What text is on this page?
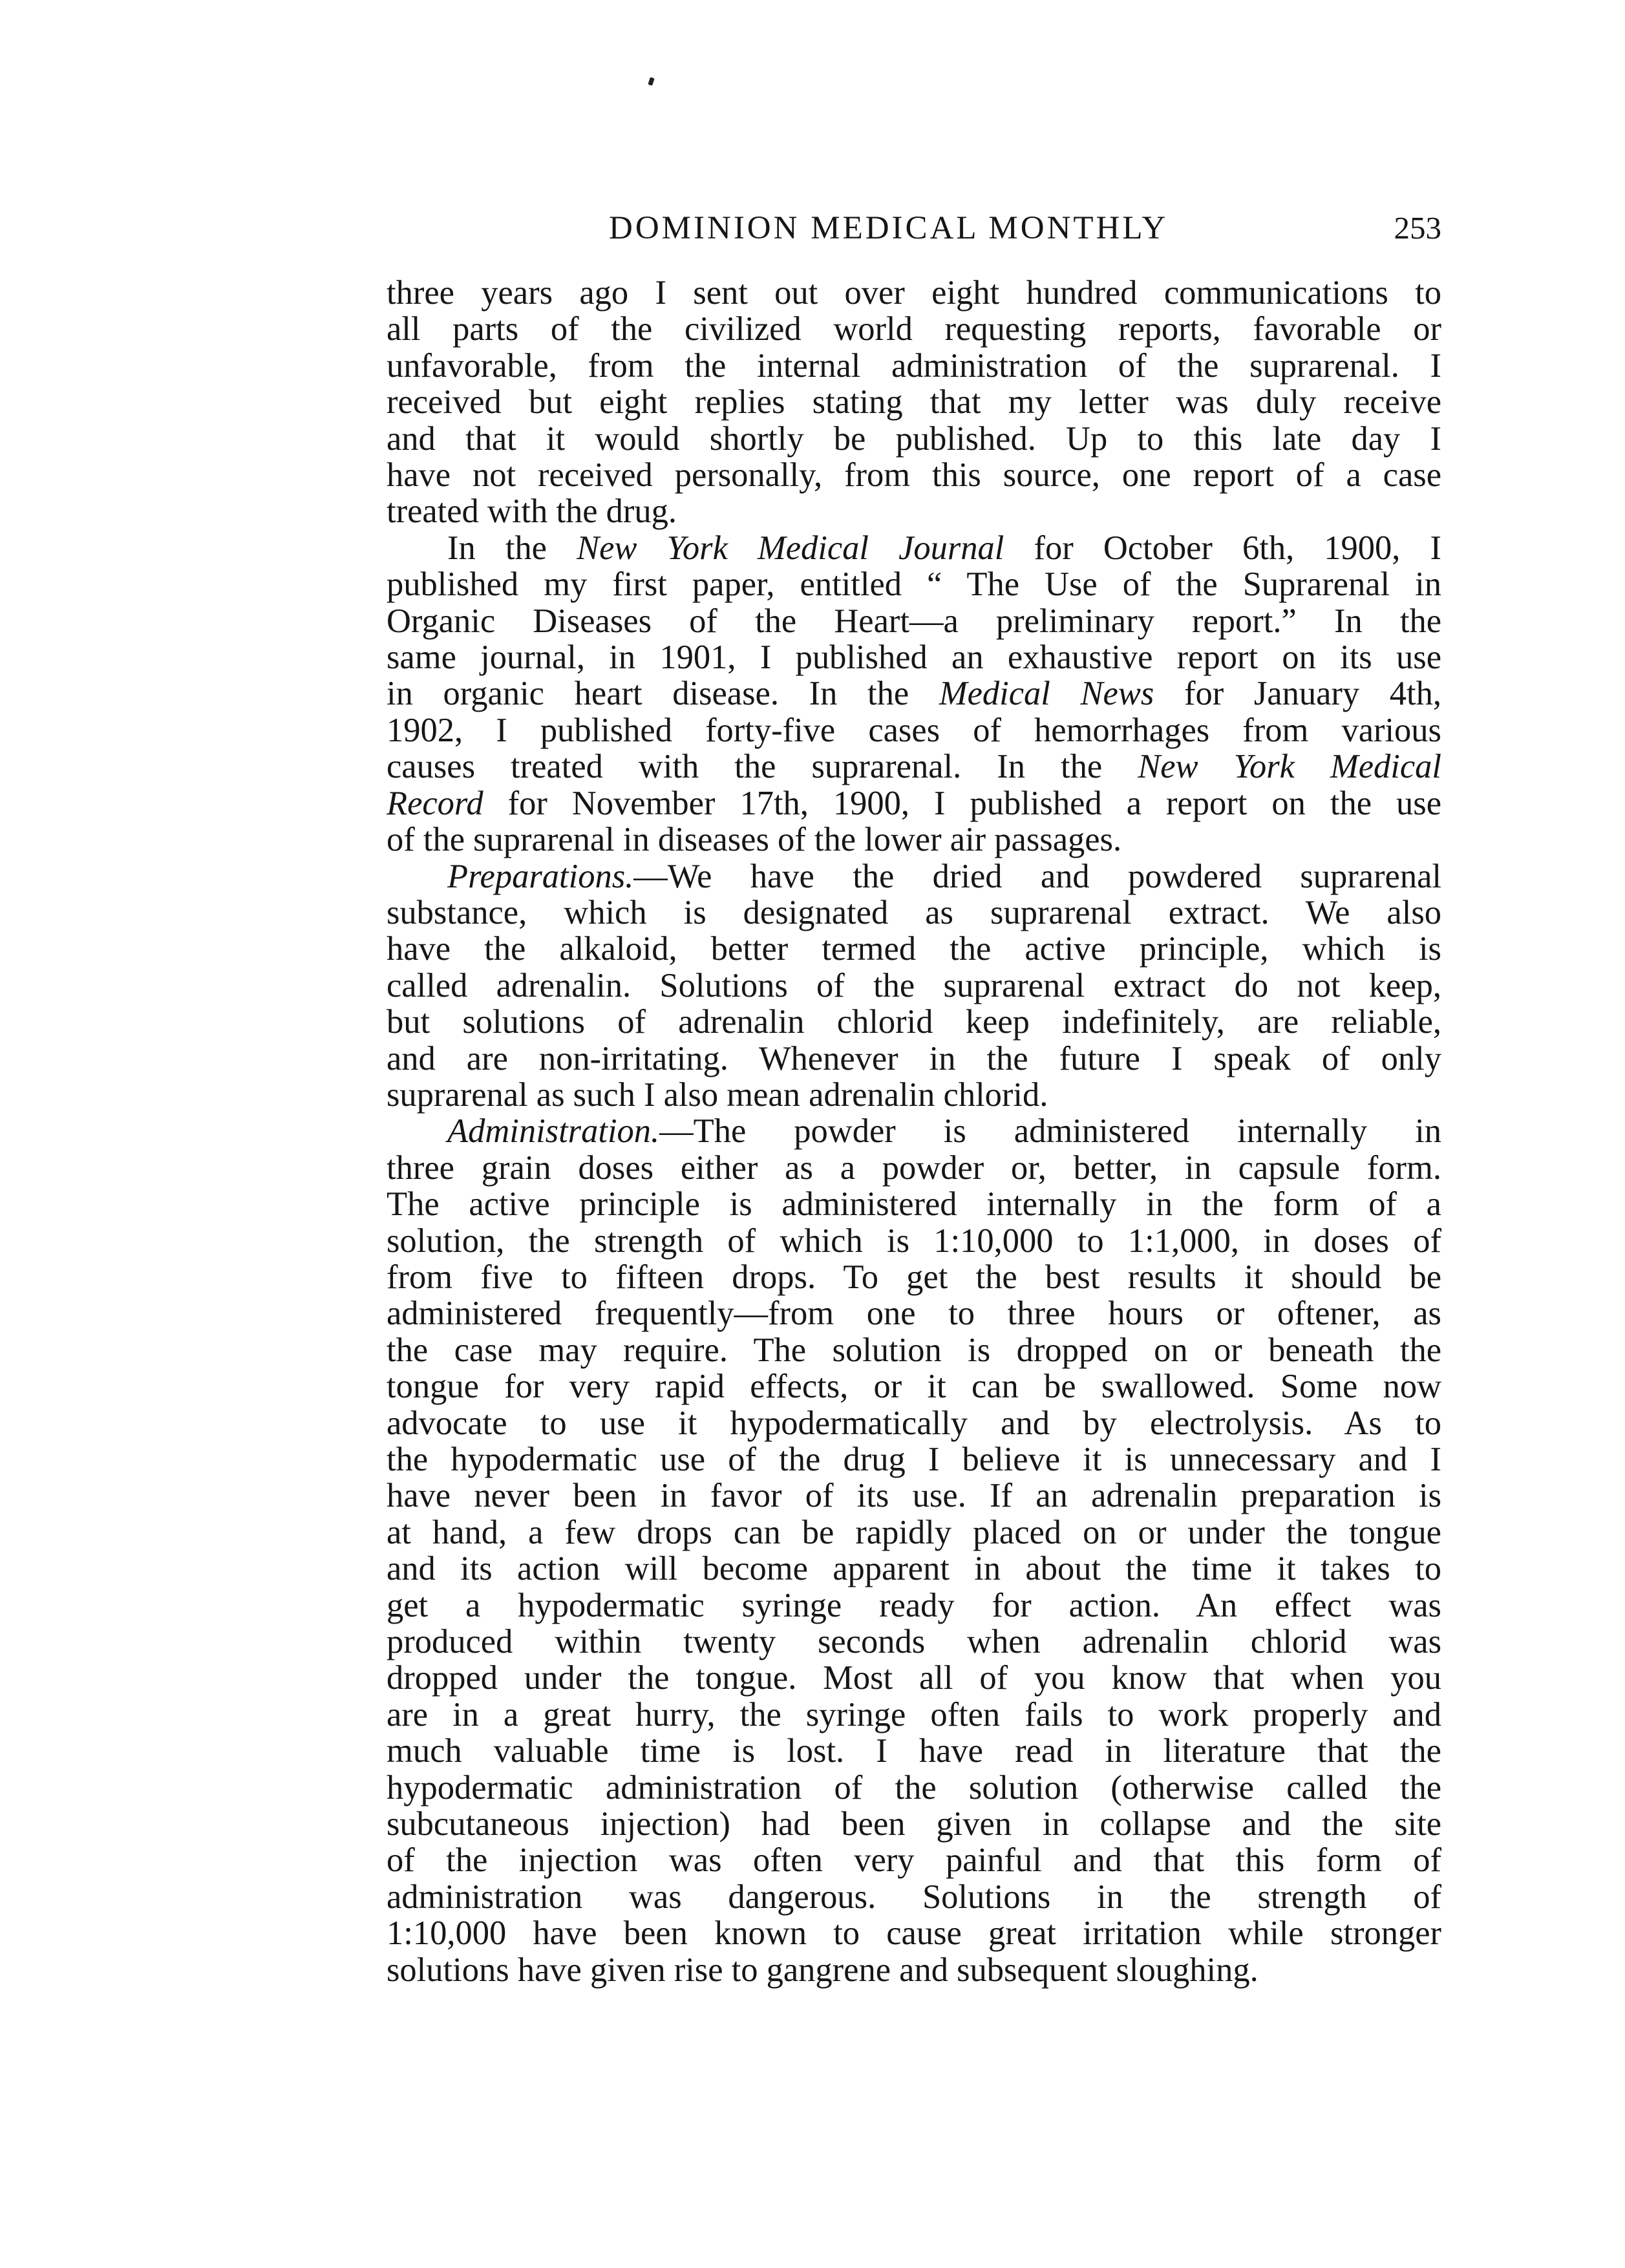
DOMINION MEDICAL MONTHLY	253
three years ago I sent out over eight hundred communications to
all parts of the civilized world requesting reports, favorable or
unfavorable, from the internal administration of the suprarenal. I
received but eight replies stating that my letter was duly receive
and that it would shortly be published. Up to this late day I
have not received personally, from this source, one report of a case
treated with the drug.
In the New York Medical Journal for October 6th, 1900, I
published my first paper, entitled “ The Use of the Suprarenal in
Organic Diseases of the Heart—a preliminary report.” In the
same journal, in 1901, I published an exhaustive report on its use
in organic heart disease. In the Medical News for January 4th,
1902, I published forty-five cases of hemorrhages from various
causes treated with the suprarenal. In the New York Medical
Record for November 17th, 1900, I published a report on the use
of the suprarenal in diseases of the lower air passages.
Preparations.—We have the dried and powdered suprarenal
substance, which is designated as suprarenal extract. We also
have the alkaloid, better termed the active principle, which is
called adrenalin. Solutions of the suprarenal extract do not keep,
but solutions of adrenalin chlorid keep indefinitely, are reliable,
and are non-irritating. Whenever in the future I speak of only
suprarenal as such I also mean adrenalin chlorid.
Administration.—The powder is administered internally in
three grain doses either as a powder or, better, in capsule form.
The active principle is administered internally in the form of a
solution, the strength of which is 1:10,000 to 1:1,000, in doses of
from five to fifteen drops. To get the best results it should be
administered frequently—from one to three hours or oftener, as
the case may require. The solution is dropped on or beneath the
tongue for very rapid effects, or it can be swallowed. Some now
advocate to use it hypodermatically and by electrolysis. As to
the hypodermatic use of the drug I believe it is unnecessary and I
have never been in favor of its use. If an adrenalin preparation is
at hand, a few drops can be rapidly placed on or under the tongue
and its action will become apparent in about the time it takes to
get a hypodermatic syringe ready for action. An effect was
produced within twenty seconds when adrenalin chlorid was
dropped under the tongue. Most all of you know that when you
are in a great hurry, the syringe often fails to work properly and
much valuable time is lost. I have read in literature that the
hypodermatic administration of the solution (otherwise called the
subcutaneous injection) had been given in collapse and the site
of the injection was often very painful and that this form of
administration was dangerous. Solutions in the strength of
1:10,000 have been known to cause great irritation while stronger
solutions have given rise to gangrene and subsequent sloughing.
